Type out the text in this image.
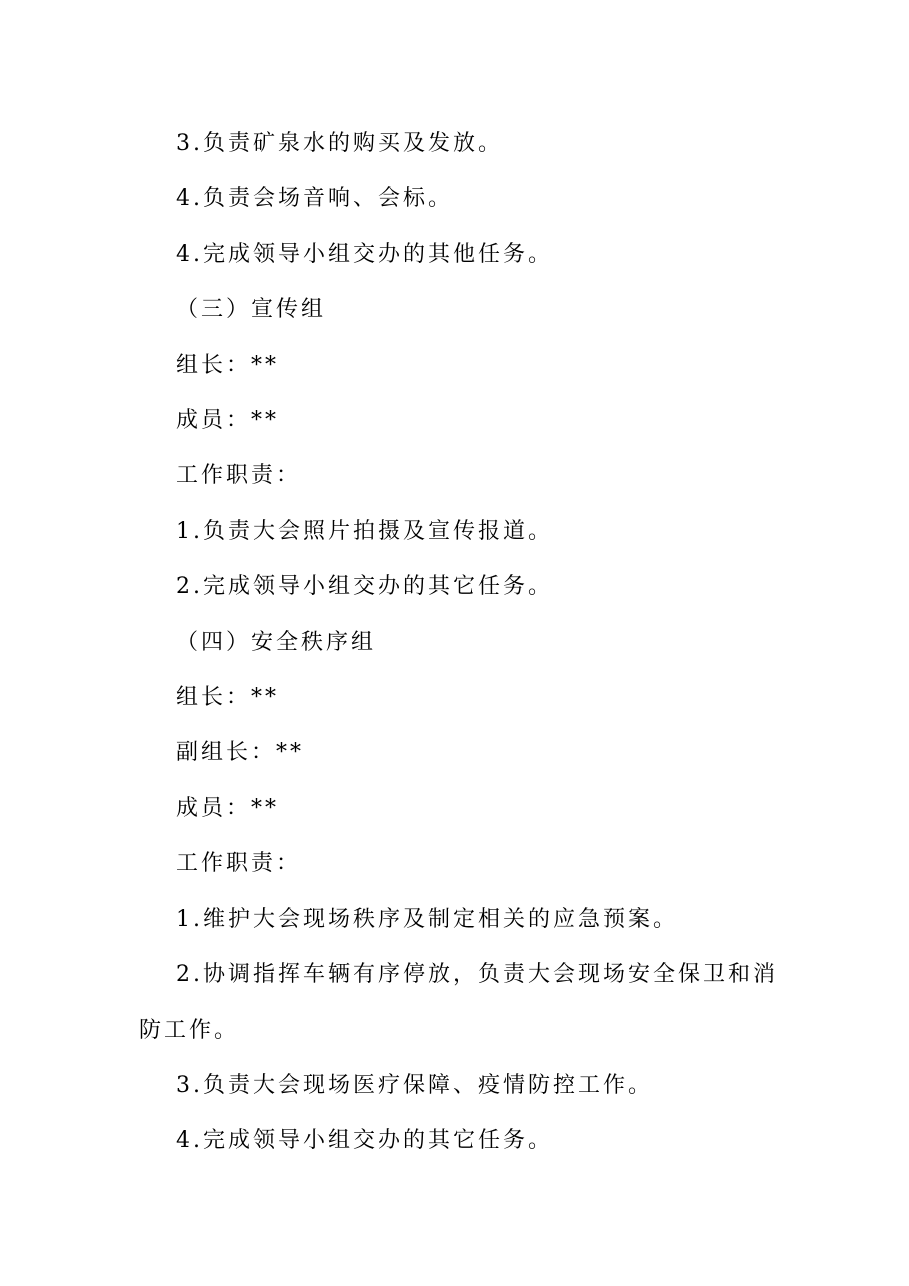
3.负责矿泉水的购买及发放。

4.负责会场音响、会标。

4.完成领导小组交办的其他任务。

（三）宣传组

组长：**

成员：**

工作职责：

1.负责大会照片拍摄及宣传报道。

2.完成领导小组交办的其它任务。

（四）安全秩序组

组长：**

副组长：**

成员：**

工作职责：

1.维护大会现场秩序及制定相关的应急预案。

2.协调指挥车辆有序停放，负责大会现场安全保卫和消防工作。

3.负责大会现场医疗保障、疫情防控工作。

4.完成领导小组交办的其它任务。
